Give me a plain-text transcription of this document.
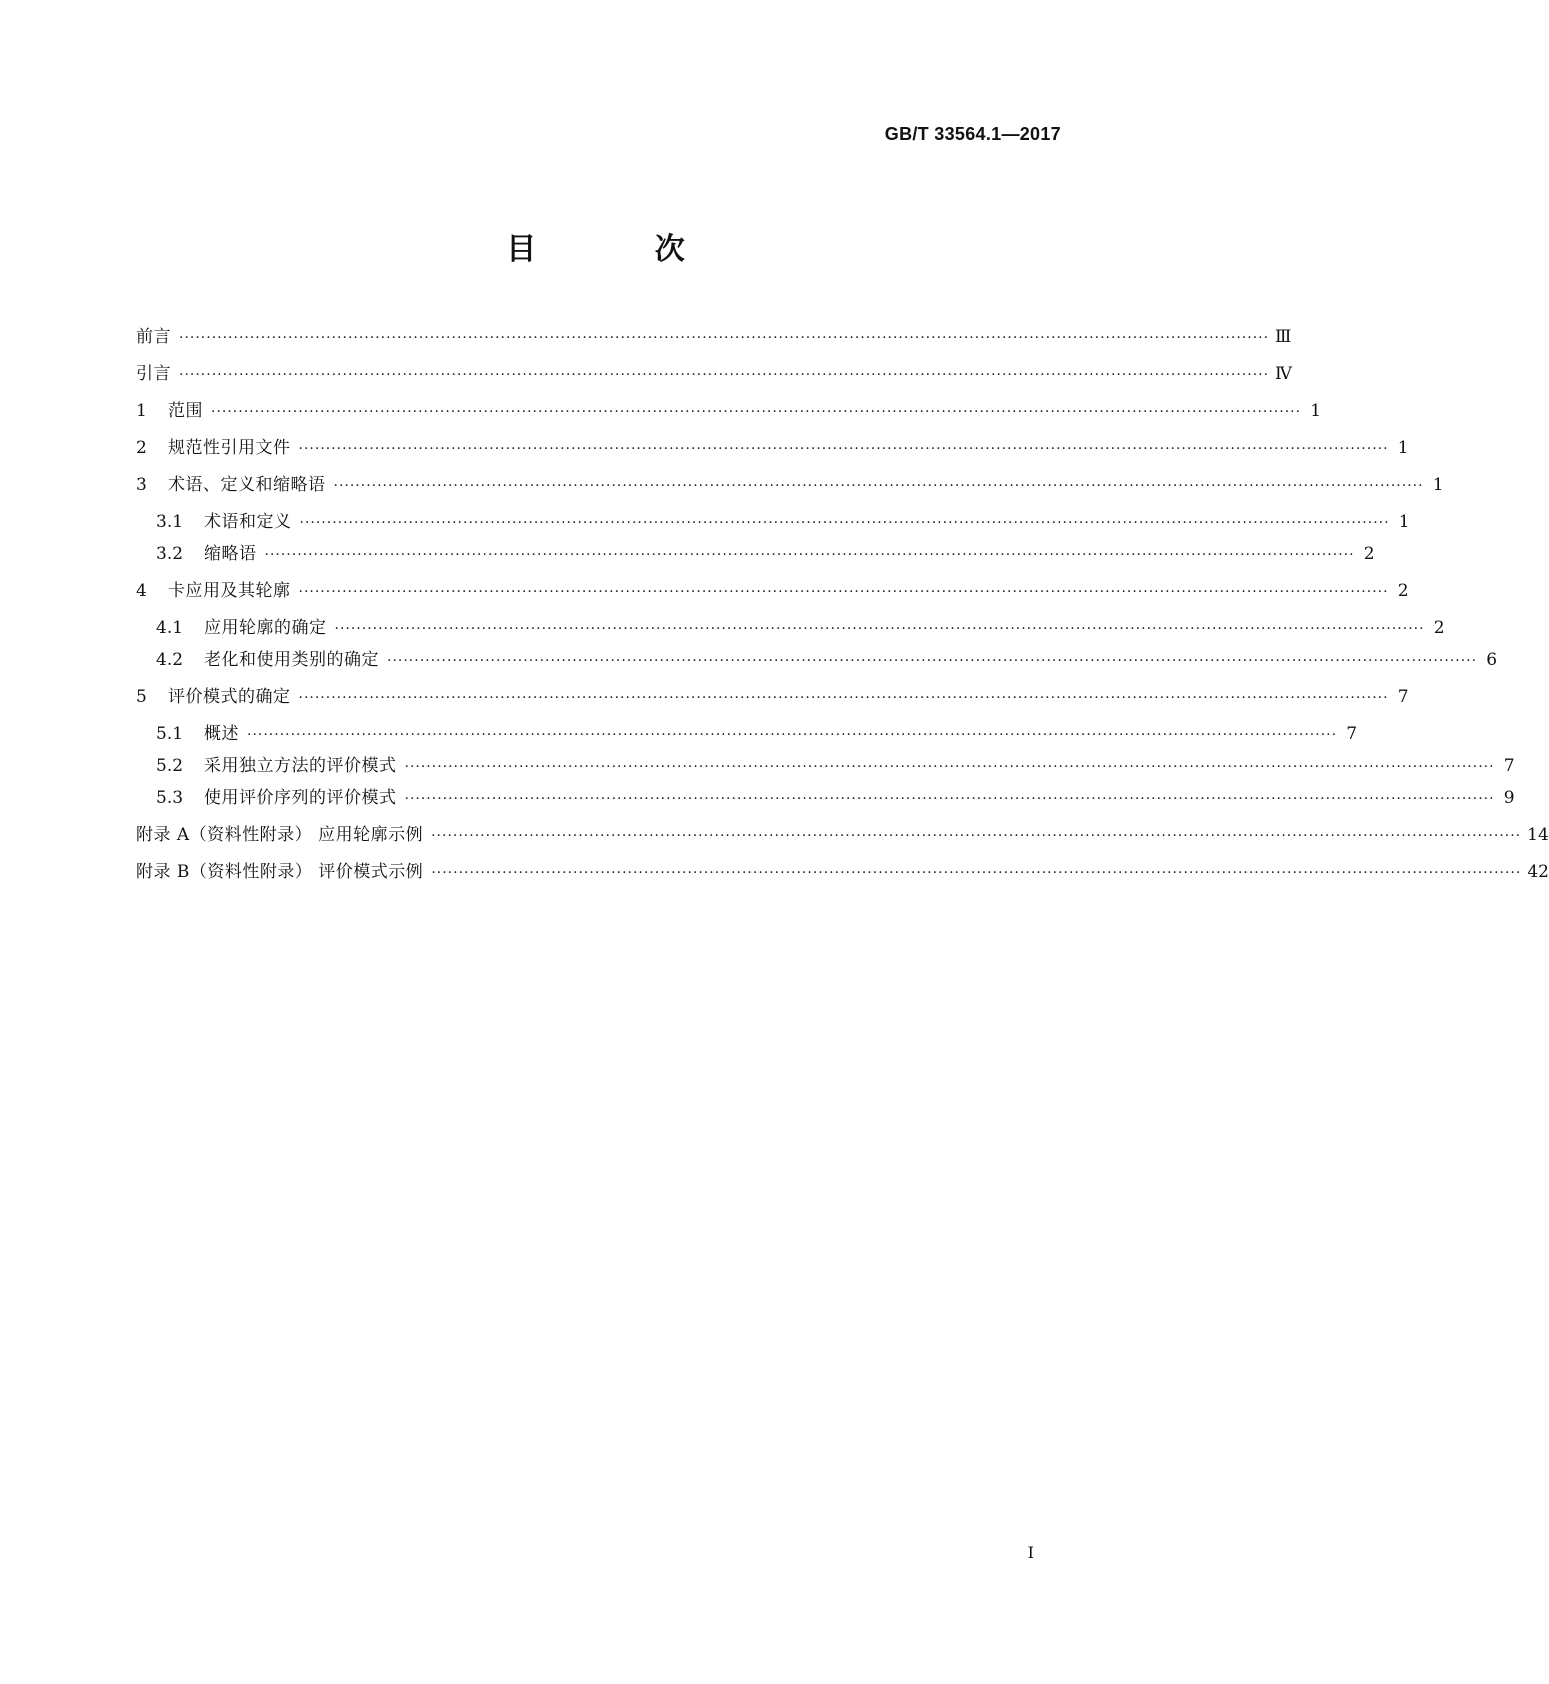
GB/T 33564.1—2017
目 次
前言 ········································································································································································································ Ⅲ
引言 ········································································································································································································ Ⅳ
1	范围 ········································································································································································································ 1
2	规范性引用文件 ········································································································································································································ 1
3	术语、定义和缩略语 ········································································································································································································ 1
3.1	术语和定义 ········································································································································································································ 1
3.2	缩略语 ········································································································································································································ 2
4	卡应用及其轮廓 ········································································································································································································ 2
4.1	应用轮廓的确定 ········································································································································································································ 2
4.2	老化和使用类别的确定 ········································································································································································································ 6
5	评价模式的确定 ········································································································································································································ 7
5.1	概述 ········································································································································································································ 7
5.2	采用独立方法的评价模式 ········································································································································································································ 7
5.3	使用评价序列的评价模式 ········································································································································································································ 9
附录 A（资料性附录） 应用轮廓示例 ········································································································································································································ 14
附录 B（资料性附录） 评价模式示例 ········································································································································································································ 42
Ⅰ
